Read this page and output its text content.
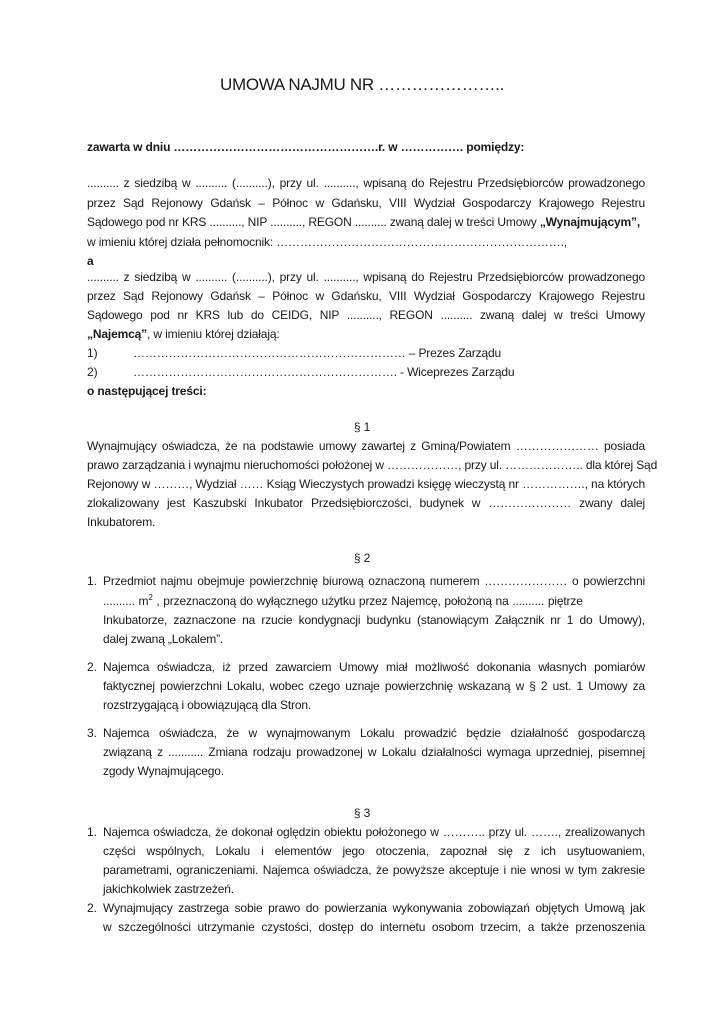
UMOWA NAJMU NR …………………..
zawarta w dniu …………………………………………….r. w ……………. pomiędzy:
.......... z siedzibą w .......... (..........), przy ul. .........., wpisaną do Rejestru Przedsiębiorców prowadzonego
przez Sąd Rejonowy Gdańsk – Północ w Gdańsku, VIII Wydział Gospodarczy Krajowego Rejestru
Sądowego pod nr KRS .........., NIP .........., REGON .......... zwaną dalej w treści Umowy „Wynajmującym”,
w imieniu której działa pełnomocnik: ……………………………………………………………….,
a
.......... z siedzibą w .......... (..........), przy ul. .........., wpisaną do Rejestru Przedsiębiorców prowadzonego
przez Sąd Rejonowy Gdańsk – Północ w Gdańsku, VIII Wydział Gospodarczy Krajowego Rejestru
Sądowego pod nr KRS lub do CEIDG, NIP .........., REGON .......... zwaną dalej w treści Umowy
„Najemcą”, w imieniu której działają:
1)	…………………………………………………………… – Prezes Zarządu
2)	…………………………………………………………. - Wiceprezes Zarządu
o następującej treści:
§ 1
Wynajmujący oświadcza, że na podstawie umowy zawartej z Gminą/Powiatem ………………… posiada
prawo zarządzania i wynajmu nieruchomości położonej w ………………, przy ul. ……………….. dla której Sąd
Rejonowy w ………, Wydział …… Ksiąg Wieczystych prowadzi księgę wieczystą nr ……………., na których
zlokalizowany jest Kaszubski Inkubator Przedsiębiorczości, budynek w ………………… zwany dalej
Inkubatorem.
§ 2
1. Przedmiot najmu obejmuje powierzchnię biurową oznaczoną numerem ………………… o powierzchni
.......... $m^2$ , przeznaczoną do wyłącznego użytku przez Najemcę, położoną na .......... piętrze
Inkubatorze, zaznaczone na rzucie kondygnacji budynku (stanowiącym Załącznik nr 1 do Umowy),
dalej zwaną „Lokalem”.
2. Najemca oświadcza, iż przed zawarciem Umowy miał możliwość dokonania własnych pomiarów
faktycznej powierzchni Lokalu, wobec czego uznaje powierzchnię wskazaną w § 2 ust. 1 Umowy za
rozstrzygającą i obowiązującą dla Stron.
3. Najemca oświadcza, że w wynajmowanym Lokalu prowadzić będzie działalność gospodarczą
związaną z ........... Zmiana rodzaju prowadzonej w Lokalu działalności wymaga uprzedniej, pisemnej
zgody Wynajmującego.
§ 3
1. Najemca oświadcza, że dokonał oględzin obiektu położonego w ……….. przy ul. ……., zrealizowanych
części wspólnych, Lokalu i elementów jego otoczenia, zapoznał się z ich usytuowaniem,
parametrami, ograniczeniami. Najemca oświadcza, że powyższe akceptuje i nie wnosi w tym zakresie
jakichkolwiek zastrzeżeń.
2. Wynajmujący zastrzega sobie prawo do powierzania wykonywania zobowiązań objętych Umową jak
w szczególności utrzymanie czystości, dostęp do internetu osobom trzecim, a także przenoszenia
